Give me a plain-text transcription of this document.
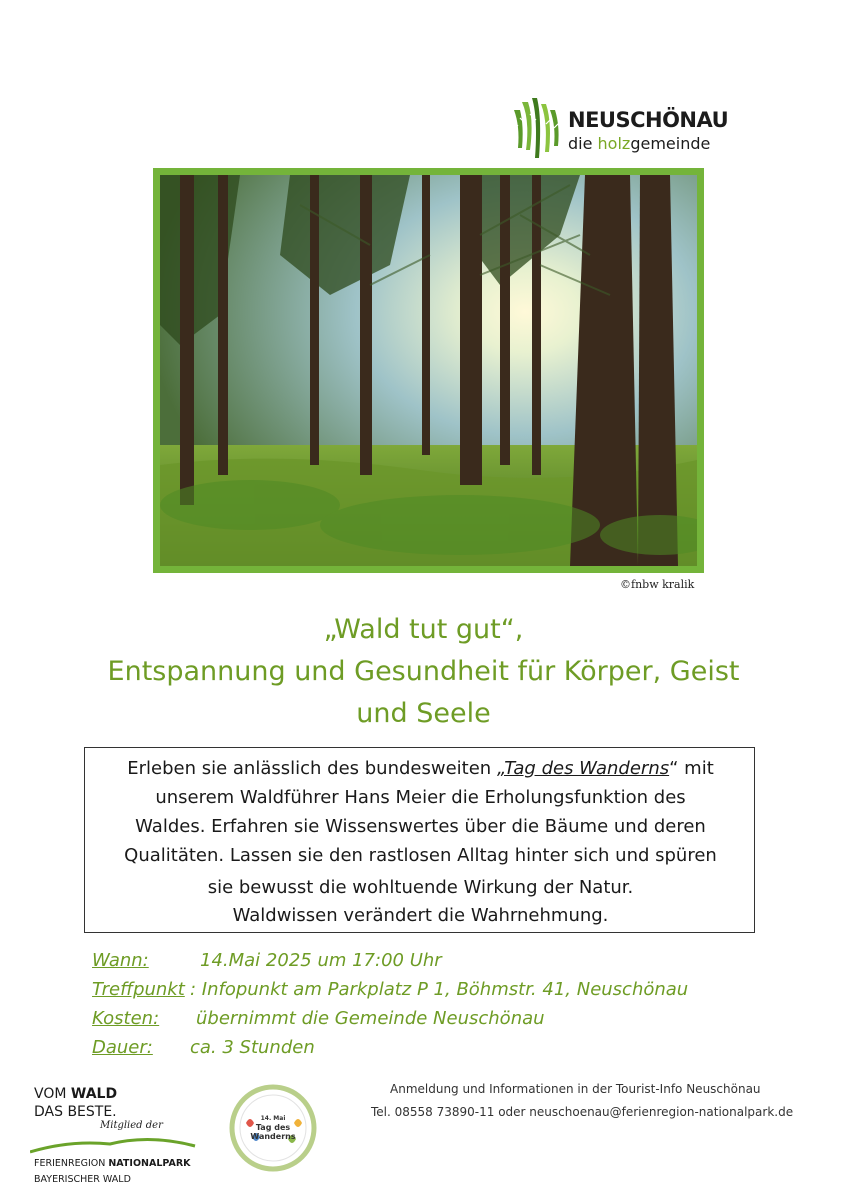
NEUSCHÖNAU
die holzgemeinde
©fnbw kralik
„Wald tut gut“,
Entspannung und Gesundheit für Körper, Geist
und Seele
Erleben sie anlässlich des bundesweiten „Tag des Wanderns“ mit
unserem Waldführer Hans Meier die Erholungsfunktion des
Waldes. Erfahren sie Wissenswertes über die Bäume und deren
Qualitäten. Lassen sie den rastlosen Alltag hinter sich und spüren
sie bewusst die wohltuende Wirkung der Natur.
Waldwissen verändert die Wahrnehmung.
Wann:	14.Mai 2025 um 17:00 Uhr
Treffpunkt : Infopunkt am Parkplatz P 1, Böhmstr. 41, Neuschönau
Kosten: übernimmt die Gemeinde Neuschönau
Dauer: ca. 3 Stunden
VOM WALD
DAS BESTE.
Mitglied der
FERIENREGION NATIONALPARK
BAYERISCHER WALD
14. Mai
Tag des
Wanderns
Anmeldung und Informationen in der Tourist-Info Neuschönau
Tel. 08558 73890-11 oder neuschoenau@ferienregion-nationalpark.de
